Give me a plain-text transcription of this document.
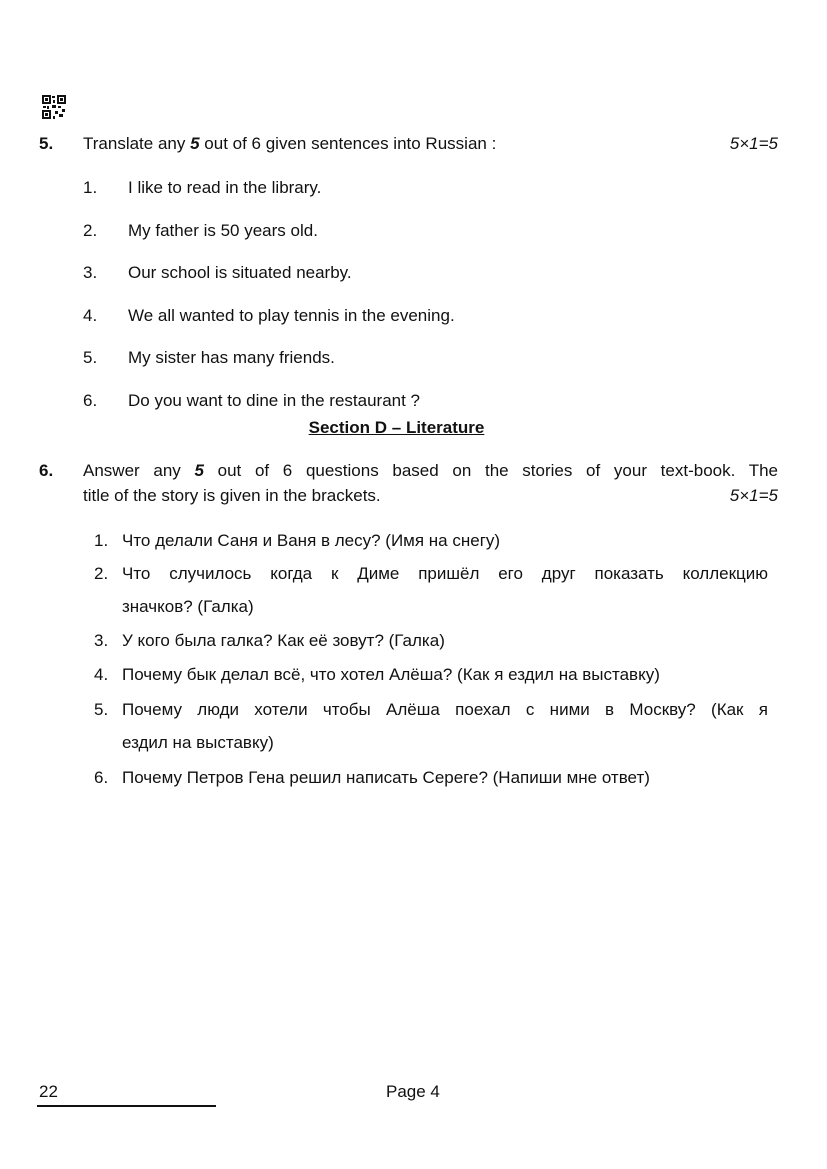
5. Translate any 5 out of 6 given sentences into Russian :	5×1=5
1. I like to read in the library.
2. My father is 50 years old.
3. Our school is situated nearby.
4. We all wanted to play tennis in the evening.
5. My sister has many friends.
6. Do you want to dine in the restaurant ?
Section D – Literature
6. Answer any 5 out of 6 questions based on the stories of your text-book. The
title of the story is given in the brackets.	5×1=5
1. Что делали Саня и Ваня в лесу? (Имя на снегу)
2. Что случилось когда к Диме пришёл его друг показать коллекцию
значков? (Галка)
3. У кого была галка? Как её зовут? (Галка)
4. Почему бык делал всё, что хотел Алёша? (Как я ездил на выставку)
5. Почему люди хотели чтобы Алёша поехал с ними в Москву? (Как я
ездил на выставку)
6. Почему Петров Гена решил написать Сереге? (Напиши мне ответ)
22	Page 4
